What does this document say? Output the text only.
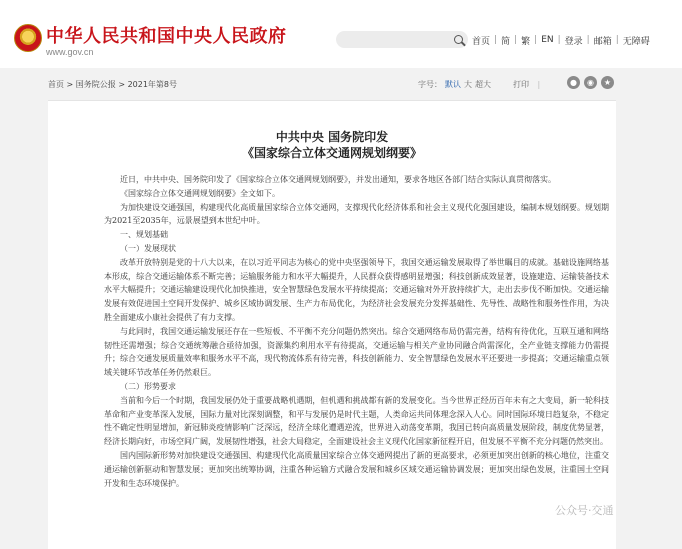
中华人民共和国中央人民政府
www.gov.cn
首页 | 简 | 繁 | EN | 登录 | 邮箱 | 无障碍
首页 > 国务院公报 > 2021年第8号	字号： 默认 大 超大	打印 |	●	◉	★
中共中央 国务院印发
《国家综合立体交通网规划纲要》

近日，中共中央、国务院印发了《国家综合立体交通网规划纲要》，并发出通知，要求各地区各部门结合实际认真贯彻落实。

《国家综合立体交通网规划纲要》全文如下。

为加快建设交通强国，构建现代化高质量国家综合立体交通网，支撑现代化经济体系和社会主义现代化强国建设，编制本规划纲要。规划期为2021至2035年，远景展望到本世纪中叶。

一、规划基础

（一）发展现状

改革开放特别是党的十八大以来，在以习近平同志为核心的党中央坚强领导下，我国交通运输发展取得了举世瞩目的成就。基础设施网络基本形成，综合交通运输体系不断完善；运输服务能力和水平大幅提升，人民群众获得感明显增强；科技创新成效显著，设施建造、运输装备技术水平大幅提升；交通运输建设现代化加快推进，安全智慧绿色发展水平持续提高；交通运输对外开放持续扩大，走出去步伐不断加快。交通运输发展有效促进国土空间开发保护、城乡区域协调发展、生产力布局优化，为经济社会发展充分发挥基础性、先导性、战略性和服务性作用，为决胜全面建成小康社会提供了有力支撑。

与此同时，我国交通运输发展还存在一些短板、不平衡不充分问题仍然突出。综合交通网络布局仍需完善，结构有待优化，互联互通和网络韧性还需增强；综合交通统筹融合亟待加强，资源集约利用水平有待提高，交通运输与相关产业协同融合尚需深化，全产业链支撑能力仍需提升；综合交通发展质量效率和服务水平不高，现代物流体系有待完善，科技创新能力、安全智慧绿色发展水平还要进一步提高；交通运输重点领域关键环节改革任务仍然艰巨。

（二）形势要求

当前和今后一个时期，我国发展仍处于重要战略机遇期，但机遇和挑战都有新的发展变化。当今世界正经历百年未有之大变局，新一轮科技革命和产业变革深入发展，国际力量对比深刻调整，和平与发展仍是时代主题，人类命运共同体理念深入人心。同时国际环境日趋复杂，不稳定性不确定性明显增加，新冠肺炎疫情影响广泛深远，经济全球化遭遇逆流，世界进入动荡变革期，我国已转向高质量发展阶段，制度优势显著，经济长期向好，市场空间广阔，发展韧性增强，社会大局稳定，全面建设社会主义现代化国家新征程开启，但发展不平衡不充分问题仍然突出。

国内国际新形势对加快建设交通强国、构建现代化高质量国家综合立体交通网提出了新的更高要求，必须更加突出创新的核心地位，注重交通运输创新驱动和智慧发展；更加突出统筹协调，注重各种运输方式融合发展和城乡区域交通运输协调发展；更加突出绿色发展，注重国土空间开发和生态环境保护。

公众号·交通
